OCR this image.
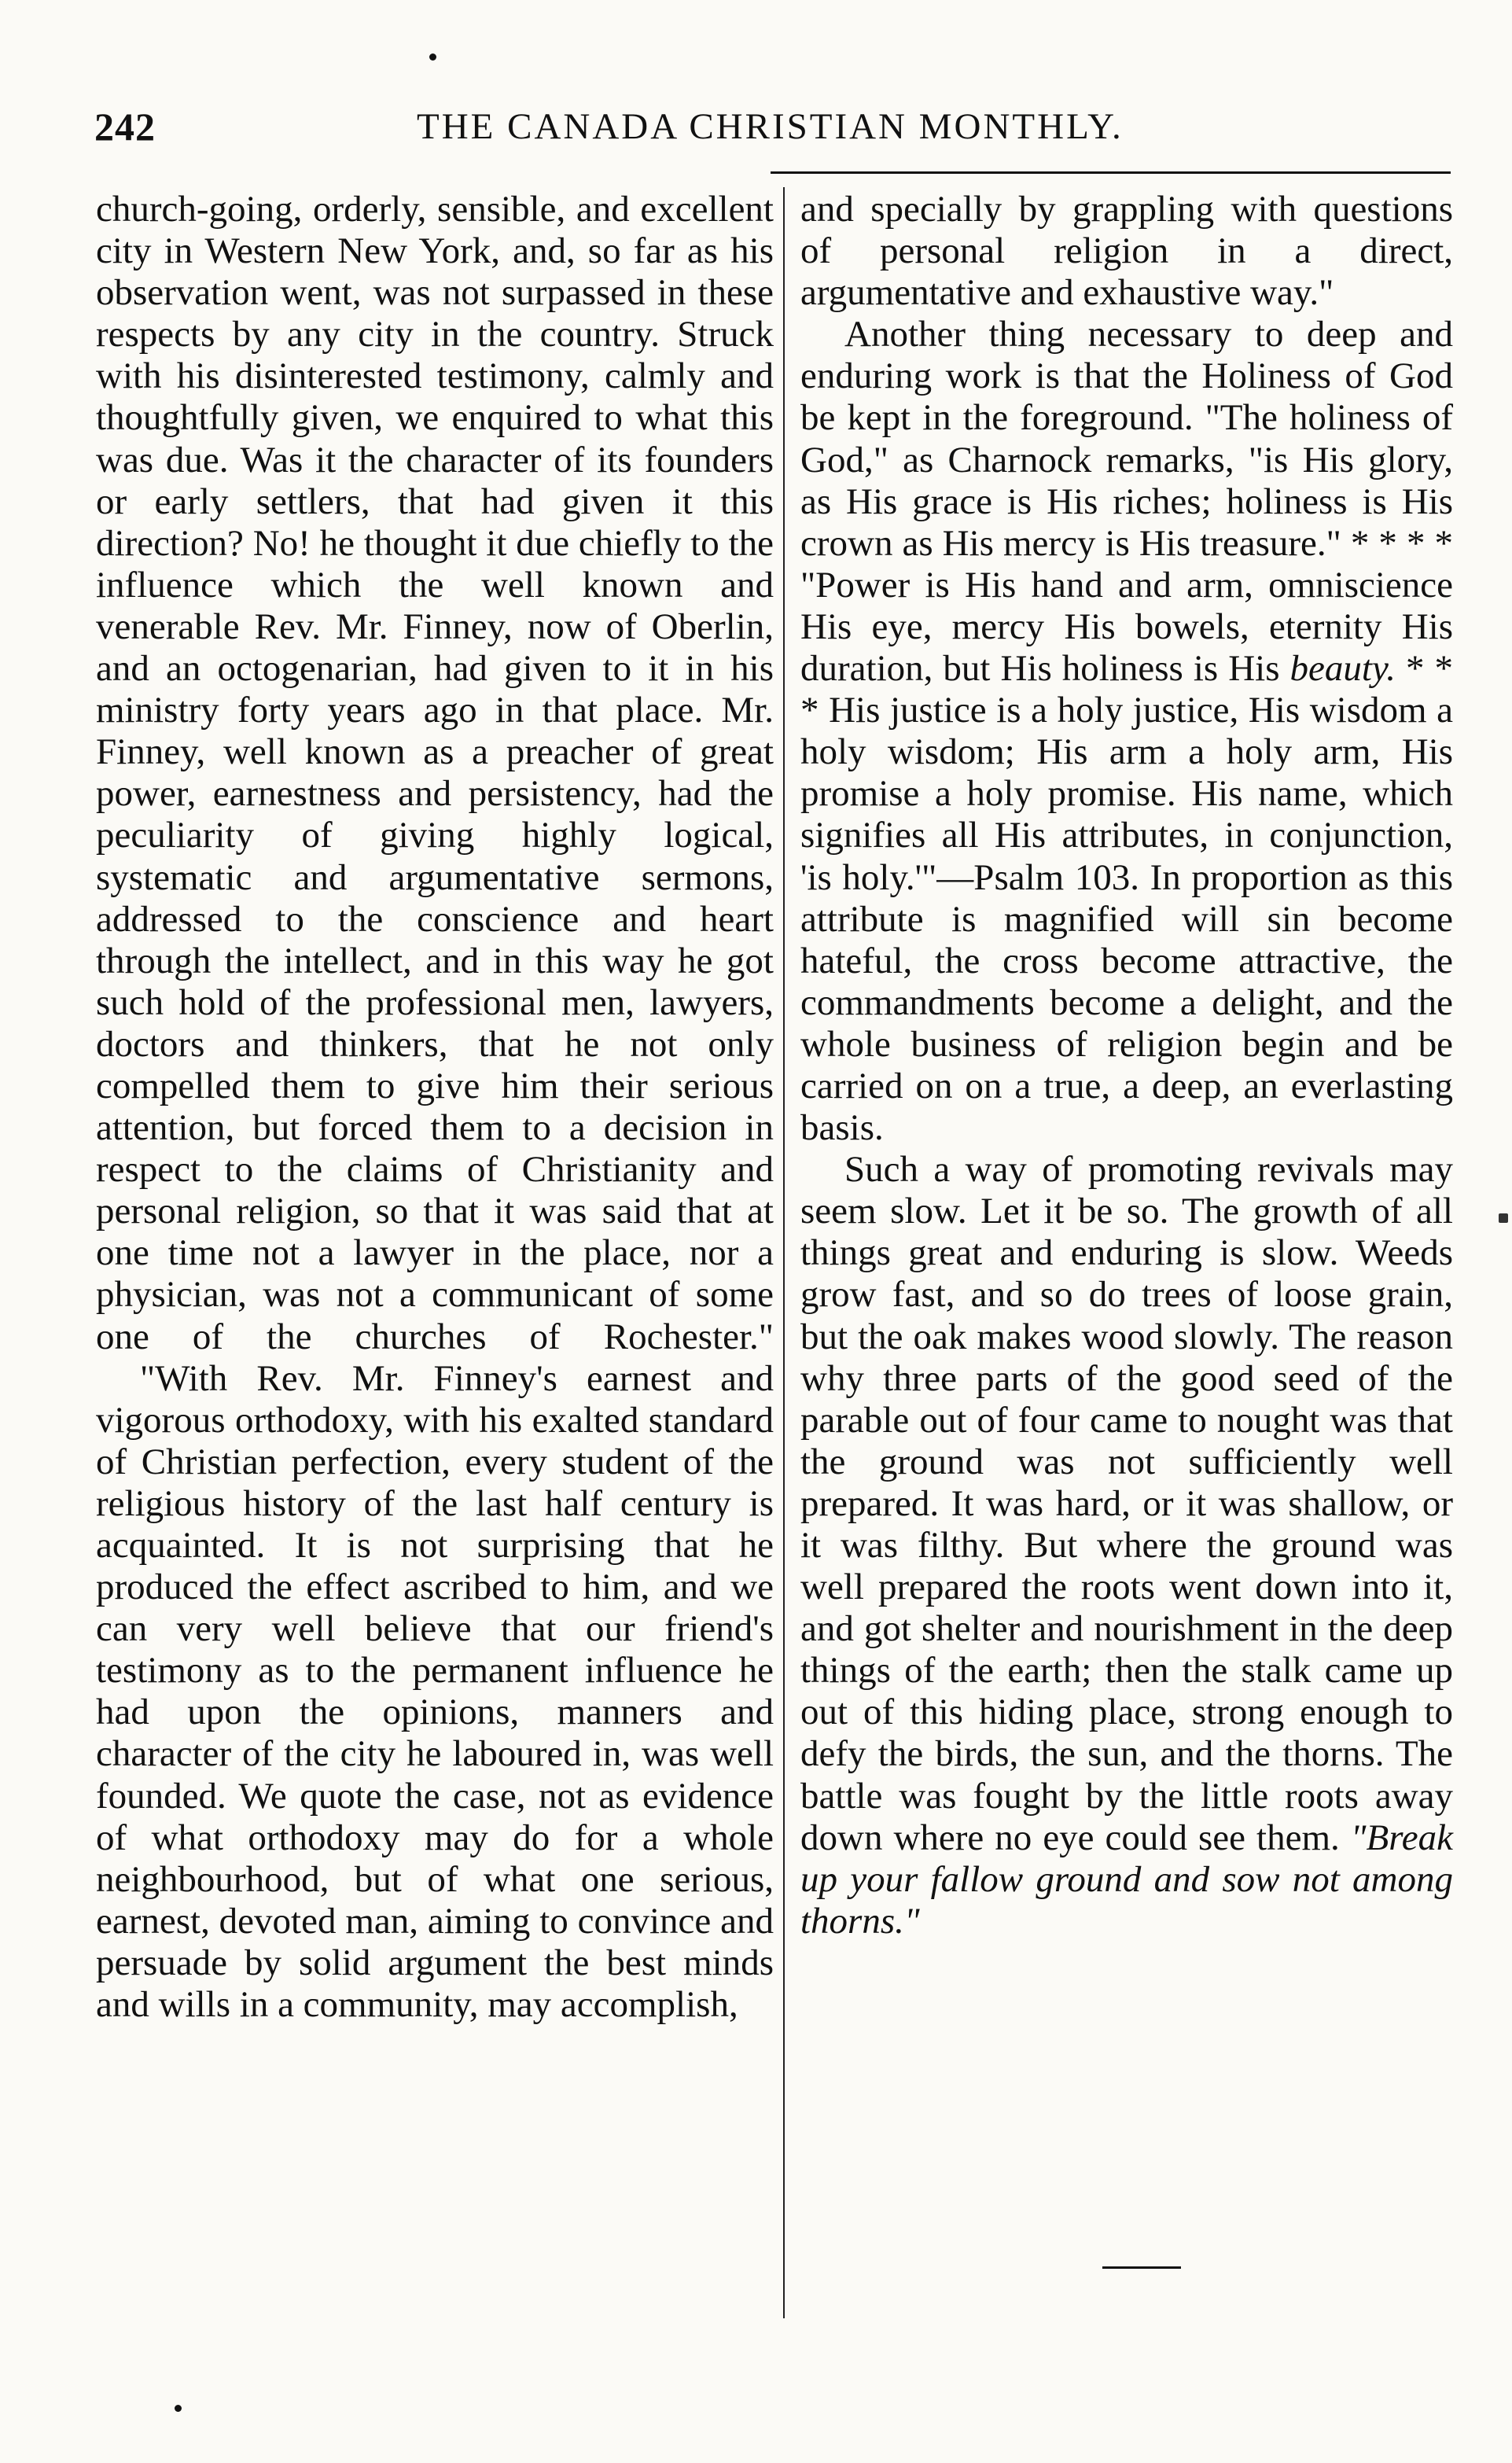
242	THE CANADA CHRISTIAN MONTHLY.

church-going, orderly, sensible, and excellent city in Western New York, and, so far as his observation went, was not surpassed in these respects by any city in the country. Struck with his disinterested testimony, calmly and thoughtfully given, we enquired to what this was due. Was it the character of its founders or early settlers, that had given it this direction? No! he thought it due chiefly to the influence which the well known and venerable Rev. Mr. Finney, now of Oberlin, and an octogenarian, had given to it in his ministry forty years ago in that place. Mr. Finney, well known as a preacher of great power, earnestness and persistency, had the peculiarity of giving highly logical, systematic and argumentative sermons, addressed to the conscience and heart through the intellect, and in this way he got such hold of the professional men, lawyers, doctors and thinkers, that he not only compelled them to give him their serious attention, but forced them to a decision in respect to the claims of Christianity and personal religion, so that it was said that at one time not a lawyer in the place, nor a physician, was not a communicant of some one of the churches of Rochester."

"With Rev. Mr. Finney's earnest and vigorous orthodoxy, with his exalted standard of Christian perfection, every student of the religious history of the last half century is acquainted. It is not surprising that he produced the effect ascribed to him, and we can very well believe that our friend's testimony as to the permanent influence he had upon the opinions, manners and character of the city he laboured in, was well founded. We quote the case, not as evidence of what orthodoxy may do for a whole neighbourhood, but of what one serious, earnest, devoted man, aiming to convince and persuade by solid argument the best minds and wills in a community, may accomplish,

and specially by grappling with questions of personal religion in a direct, argumentative and exhaustive way."

Another thing necessary to deep and enduring work is that the Holiness of God be kept in the foreground. "The holiness of God," as Charnock remarks, "is His glory, as His grace is His riches; holiness is His crown as His mercy is His treasure." * * * * "Power is His hand and arm, omniscience His eye, mercy His bowels, eternity His duration, but His holiness is His beauty. * * * His justice is a holy justice, His wisdom a holy wisdom; His arm a holy arm, His promise a holy promise. His name, which signifies all His attributes, in conjunction, 'is holy.'"—Psalm 103. In proportion as this attribute is magnified will sin become hateful, the cross become attractive, the commandments become a delight, and the whole business of religion begin and be carried on on a true, a deep, an everlasting basis.

Such a way of promoting revivals may seem slow. Let it be so. The growth of all things great and enduring is slow. Weeds grow fast, and so do trees of loose grain, but the oak makes wood slowly. The reason why three parts of the good seed of the parable out of four came to nought was that the ground was not sufficiently well prepared. It was hard, or it was shallow, or it was filthy. But where the ground was well prepared the roots went down into it, and got shelter and nourishment in the deep things of the earth; then the stalk came up out of this hiding place, strong enough to defy the birds, the sun, and the thorns. The battle was fought by the little roots away down where no eye could see them. "Break up your fallow ground and sow not among thorns."
